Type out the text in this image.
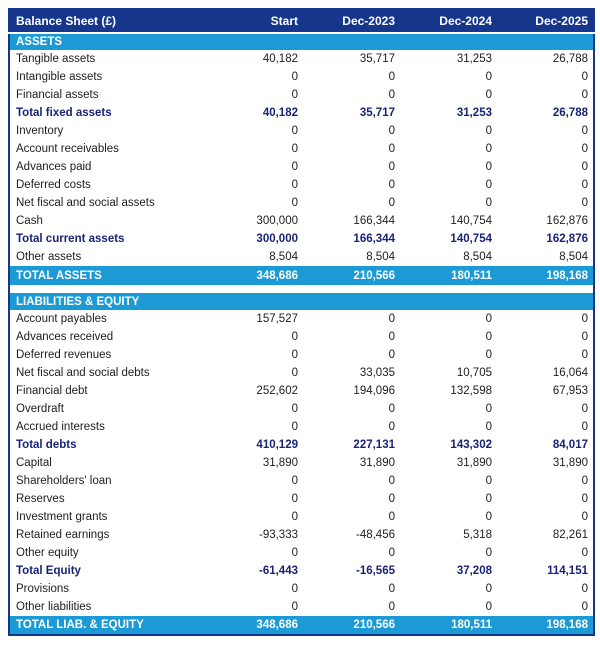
Balance Sheet (£)	Start	Dec-2023	Dec-2024	Dec-2025
ASSETS				
Tangible assets	40,182	35,717	31,253	26,788
Intangible assets	0	0	0	0
Financial assets	0	0	0	0
Total fixed assets	40,182	35,717	31,253	26,788
Inventory	0	0	0	0
Account receivables	0	0	0	0
Advances paid	0	0	0	0
Deferred costs	0	0	0	0
Net fiscal and social assets	0	0	0	0
Cash	300,000	166,344	140,754	162,876
Total current assets	300,000	166,344	140,754	162,876
Other assets	8,504	8,504	8,504	8,504
TOTAL ASSETS	348,686	210,566	180,511	198,168

LIABILITIES & EQUITY				
Account payables	157,527	0	0	0
Advances received	0	0	0	0
Deferred revenues	0	0	0	0
Net fiscal and social debts	0	33,035	10,705	16,064
Financial debt	252,602	194,096	132,598	67,953
Overdraft	0	0	0	0
Accrued interests	0	0	0	0
Total debts	410,129	227,131	143,302	84,017
Capital	31,890	31,890	31,890	31,890
Shareholders' loan	0	0	0	0
Reserves	0	0	0	0
Investment grants	0	0	0	0
Retained earnings	-93,333	-48,456	5,318	82,261
Other equity	0	0	0	0
Total Equity	-61,443	-16,565	37,208	114,151
Provisions	0	0	0	0
Other liabilities	0	0	0	0
TOTAL LIAB. & EQUITY	348,686	210,566	180,511	198,168
